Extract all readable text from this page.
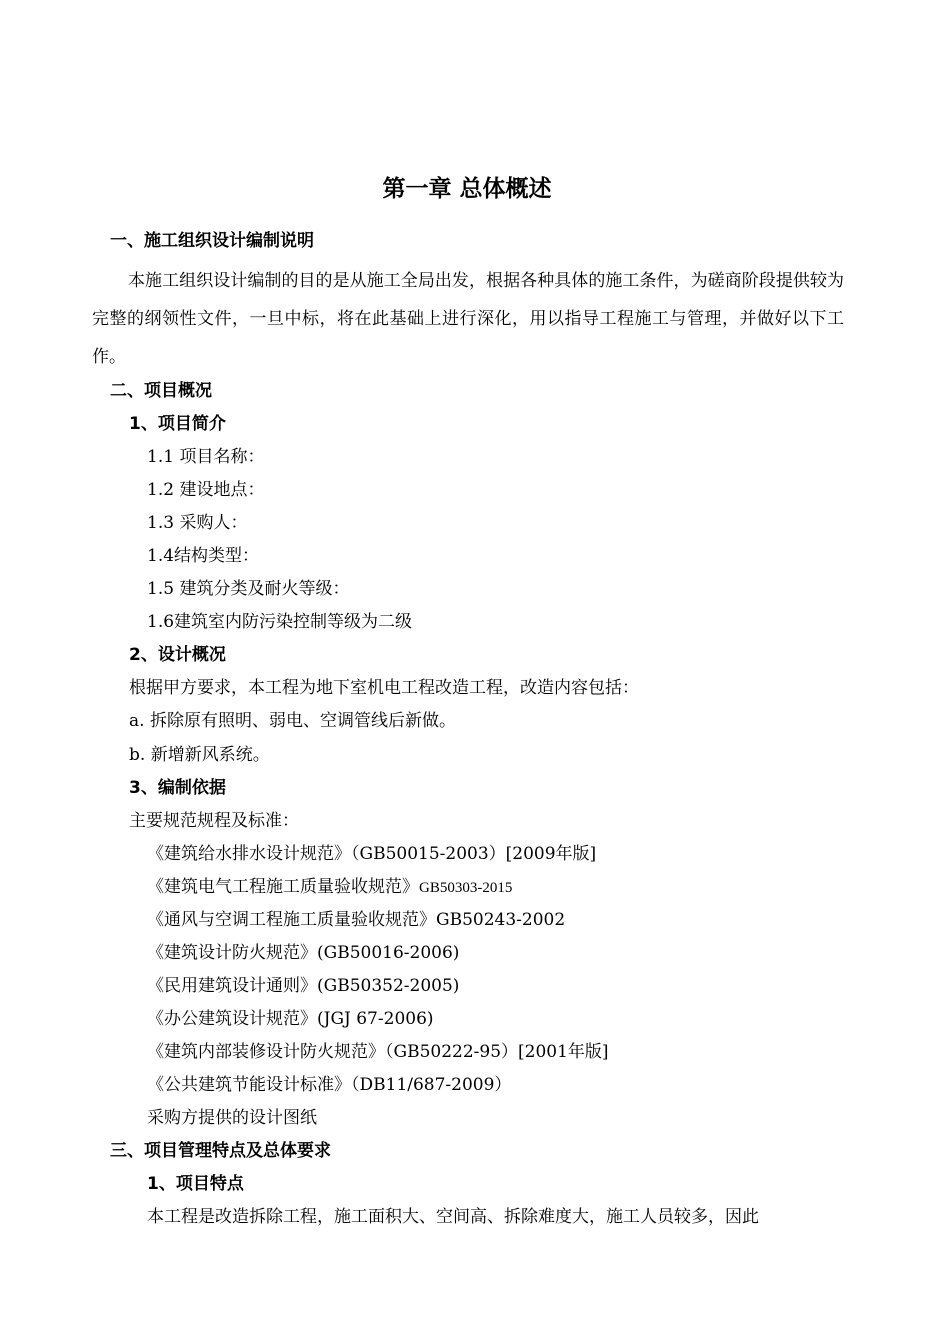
第一章 总体概述
一、施工组织设计编制说明
本施工组织设计编制的目的是从施工全局出发，根据各种具体的施工条件，为磋商阶段提供较为完整的纲领性文件，一旦中标，将在此基础上进行深化，用以指导工程施工与管理，并做好以下工作。
二、项目概况
1、项目简介
1.1 项目名称：
1.2 建设地点：
1.3 采购人：
1.4结构类型：
1.5 建筑分类及耐火等级：
1.6建筑室内防污染控制等级为二级
2、设计概况
根据甲方要求，本工程为地下室机电工程改造工程，改造内容包括：
a. 拆除原有照明、弱电、空调管线后新做。
b. 新增新风系统。
3、编制依据
主要规范规程及标准：
《建筑给水排水设计规范》（GB50015-2003）[2009年版]
《建筑电气工程施工质量验收规范》GB50303-2015
《通风与空调工程施工质量验收规范》GB50243-2002
《建筑设计防火规范》(GB50016-2006)
《民用建筑设计通则》(GB50352-2005)
《办公建筑设计规范》(JGJ 67-2006)
《建筑内部装修设计防火规范》（GB50222-95）[2001年版]
《公共建筑节能设计标准》（DB11/687-2009）
采购方提供的设计图纸
三、项目管理特点及总体要求
1、项目特点
本工程是改造拆除工程，施工面积大、空间高、拆除难度大，施工人员较多，因此
